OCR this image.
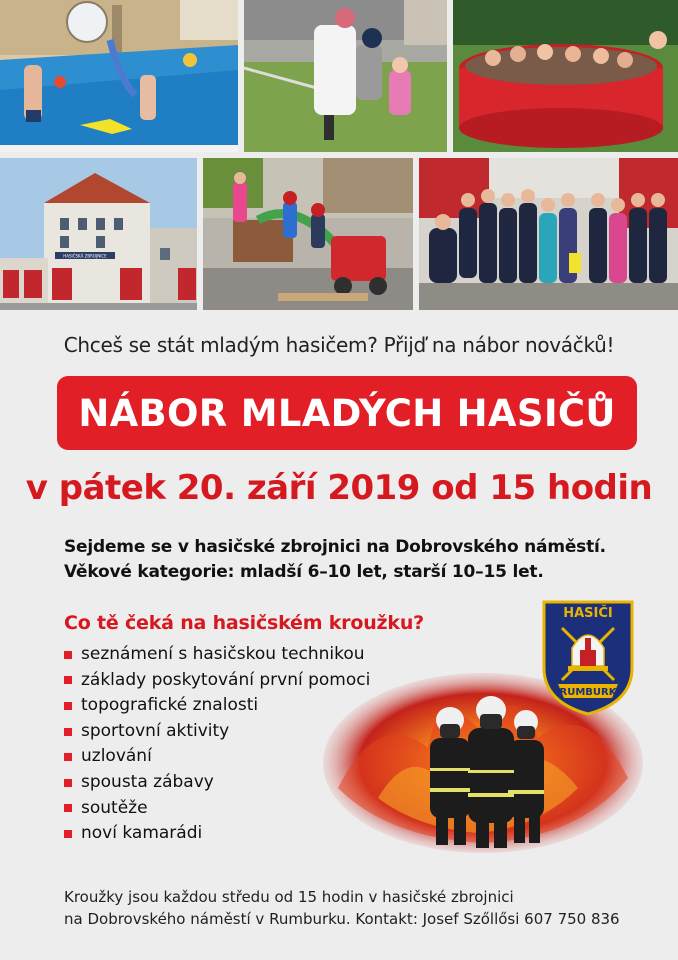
HASIČSKÁ ZBROJNICE
Chceš se stát mladým hasičem? Přijď na nábor nováčků!
NÁBOR MLADÝCH HASIČŮ
v pátek 20. září 2019 od 15 hodin
Sejdeme se v hasičské zbrojnici na Dobrovského náměstí.
Věkové kategorie: mladší 6–10 let, starší 10–15 let.
Co tě čeká na hasičském kroužku?
seznámení s hasičskou technikou
základy poskytování první pomoci
topografické znalosti
sportovní aktivity
uzlování
spousta zábavy
soutěže
noví kamarádi
HASIČI
RUMBURK
Kroužky jsou každou středu od 15 hodin v hasičské zbrojnici
na Dobrovského náměstí v Rumburku. Kontakt: Josef Szőllősi 607 750 836
